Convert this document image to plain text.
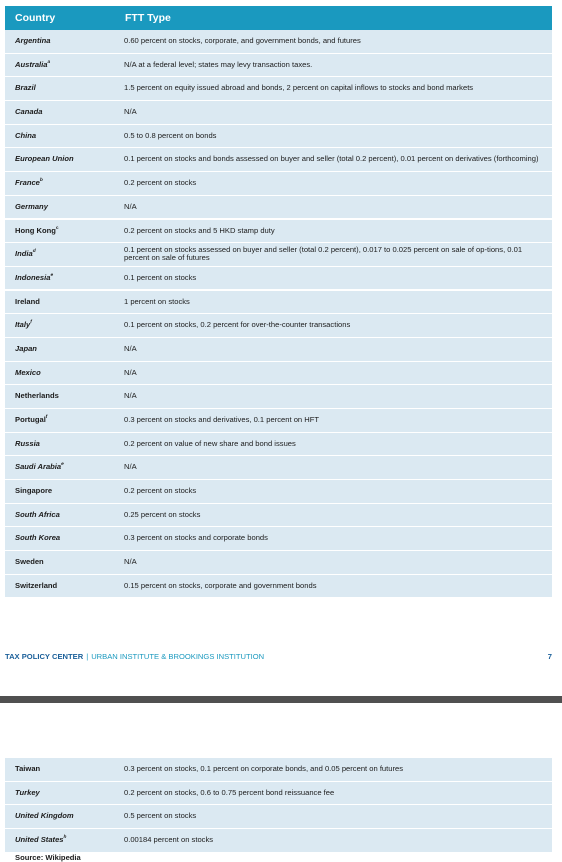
Country	FTT Type
Argentina	0.60 percent on stocks, corporate, and government bonds, and futures
Australia$^a$	N/A at a federal level; states may levy transaction taxes.
Brazil	1.5 percent on equity issued abroad and bonds, 2 percent on capital inflows to stocks and bond markets
Canada	N/A
China	0.5 to 0.8 percent on bonds
European Union	0.1 percent on stocks and bonds assessed on buyer and seller (total 0.2 percent), 0.01 percent on derivatives (forthcoming)
France$^b$	0.2 percent on stocks
Germany	N/A
Hong Kong$^c$	0.2 percent on stocks and 5 HKD stamp duty
India$^d$	0.1 percent on stocks assessed on buyer and seller (total 0.2 percent), 0.017 to 0.025 percent on sale of op-tions, 0.01 percent on sale of futures
Indonesia$^e$	0.1 percent on stocks
Ireland	1 percent on stocks
Italy$^f$	0.1 percent on stocks, 0.2 percent for over-the-counter transactions
Japan	N/A
Mexico	N/A
Netherlands	N/A
Portugal$^f$	0.3 percent on stocks and derivatives, 0.1 percent on HFT
Russia	0.2 percent on value of new share and bond issues
Saudi Arabia$^e$	N/A
Singapore	0.2 percent on stocks
South Africa	0.25 percent on stocks
South Korea	0.3 percent on stocks and corporate bonds
Sweden	N/A
Switzerland	0.15 percent on stocks, corporate and government bonds
TAX POLICY CENTER | URBAN INSTITUTE & BROOKINGS INSTITUTION	7
Taiwan	0.3 percent on stocks, 0.1 percent on corporate bonds, and 0.05 percent on futures
Turkey	0.2 percent on stocks, 0.6 to 0.75 percent bond reissuance fee
United Kingdom	0.5 percent on stocks
United States$^h$	0.00184 percent on stocks
Source: Wikipedia
